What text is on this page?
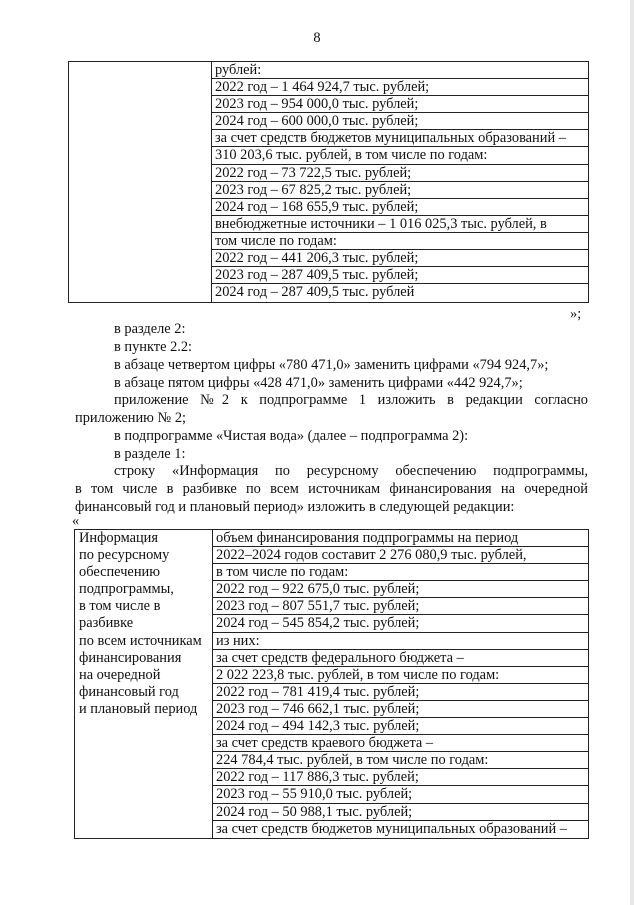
8
рублей:
2022 год – 1 464 924,7 тыс. рублей;
2023 год – 954 000,0 тыс. рублей;
2024 год – 600 000,0 тыс. рублей;
за счет средств бюджетов муниципальных образований –
310 203,6 тыс. рублей, в том числе по годам:
2022 год – 73 722,5 тыс. рублей;
2023 год – 67 825,2 тыс. рублей;
2024 год – 168 655,9 тыс. рублей;
внебюджетные источники – 1 016 025,3 тыс. рублей, в
том числе по годам:
2022 год – 441 206,3 тыс. рублей;
2023 год – 287 409,5 тыс. рублей;
2024 год – 287 409,5 тыс. рублей
»;
в разделе 2:
в пункте 2.2:
в абзаце четвертом цифры «780 471,0» заменить цифрами «794 924,7»;
в абзаце пятом цифры «428 471,0» заменить цифрами «442 924,7»;
приложение №2 к подпрограмме 1 изложить в редакции согласно
приложению № 2;
в подпрограмме «Чистая вода» (далее – подпрограмма 2):
в разделе 1:
строку «Информация по ресурсному обеспечению подпрограммы,
в том числе в разбивке по всем источникам финансирования на очередной
финансовый год и плановый период» изложить в следующей редакции:
«
Информация
по ресурсному
обеспечению
подпрограммы,
в том числе в
разбивке
по всем источникам
финансирования
на очередной
финансовый год
и плановый период
объем финансирования подпрограммы на период
2022–2024 годов составит 2 276 080,9 тыс. рублей,
в том числе по годам:
2022 год – 922 675,0 тыс. рублей;
2023 год – 807 551,7 тыс. рублей;
2024 год – 545 854,2 тыс. рублей;
из них:
за счет средств федерального бюджета –
2 022 223,8 тыс. рублей, в том числе по годам:
2022 год – 781 419,4 тыс. рублей;
2023 год – 746 662,1 тыс. рублей;
2024 год – 494 142,3 тыс. рублей;
за счет средств краевого бюджета –
224 784,4 тыс. рублей, в том числе по годам:
2022 год – 117 886,3 тыс. рублей;
2023 год – 55 910,0 тыс. рублей;
2024 год – 50 988,1 тыс. рублей;
за счет средств бюджетов муниципальных образований –
